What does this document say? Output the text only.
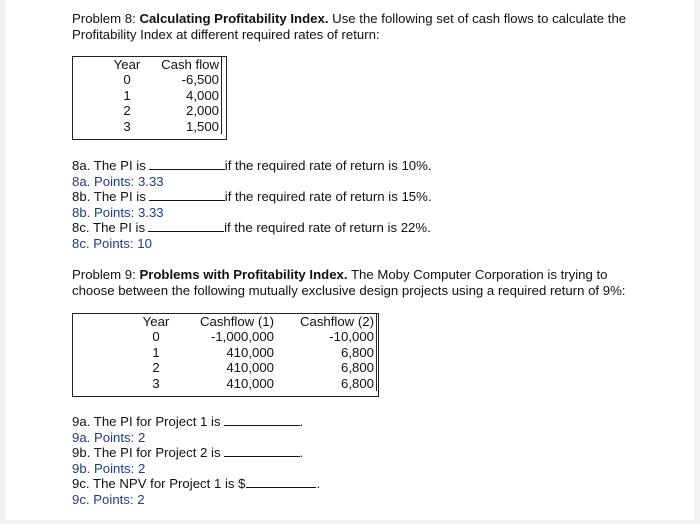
Problem 8: Calculating Profitability Index. Use the following set of cash flows to calculate the
Profitability Index at different required rates of return:
Year	Cash flow
0	-6,500
1	4,000
2	2,000
3	1,500
8a. The PI is	if the required rate of return is 10%.
8a. Points: 3.33
8b. The PI is	if the required rate of return is 15%.
8b. Points: 3.33
8c. The PI is	if the required rate of return is 22%.
8c. Points: 10
Problem 9: Problems with Profitability Index. The Moby Computer Corporation is trying to
choose between the following mutually exclusive design projects using a required return of 9%:
Year	Cashflow (1)	Cashflow (2)
0	-1,000,000	-10,000
1	410,000	6,800
2	410,000	6,800
3	410,000	6,800
9a. The PI for Project 1 is	.
9a. Points: 2
9b. The PI for Project 2 is	.
9b. Points: 2
9c. The NPV for Project 1 is $	.
9c. Points: 2
